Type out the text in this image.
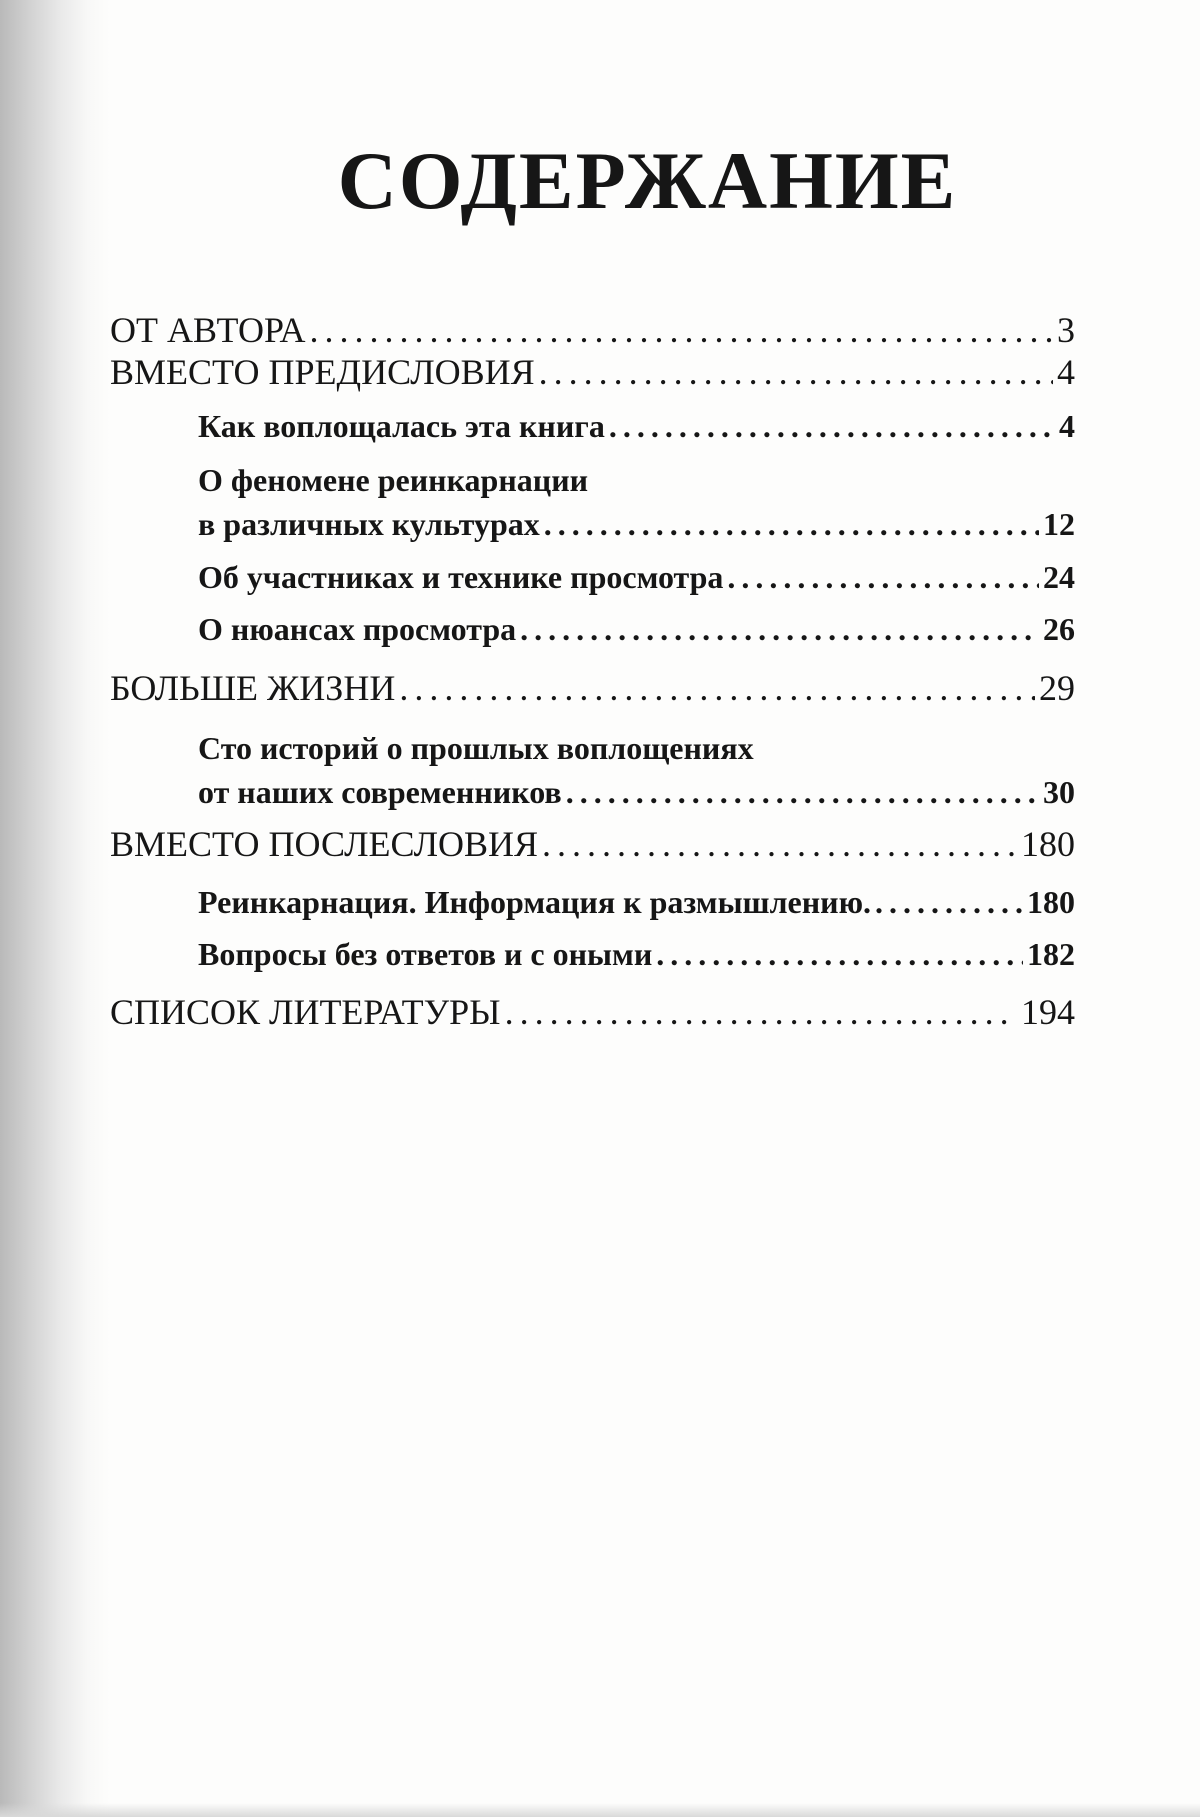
СОДЕРЖАНИЕ
ОТ АВТОРА .....	3
ВМЕСТО ПРЕДИСЛОВИЯ .....	4
Как воплощалась эта книга .....	4
О феномене реинкарнации
в различных культурах .....	12
Об участниках и технике просмотра .....	24
О нюансах просмотра .....	26
БОЛЬШЕ ЖИЗНИ .....	29
Сто историй о прошлых воплощениях
от наших современников .....	30
ВМЕСТО ПОСЛЕСЛОВИЯ .....	180
Реинкарнация. Информация к размышлению. .....	180
Вопросы без ответов и с оными .....	182
СПИСОК ЛИТЕРАТУРЫ .....	194
